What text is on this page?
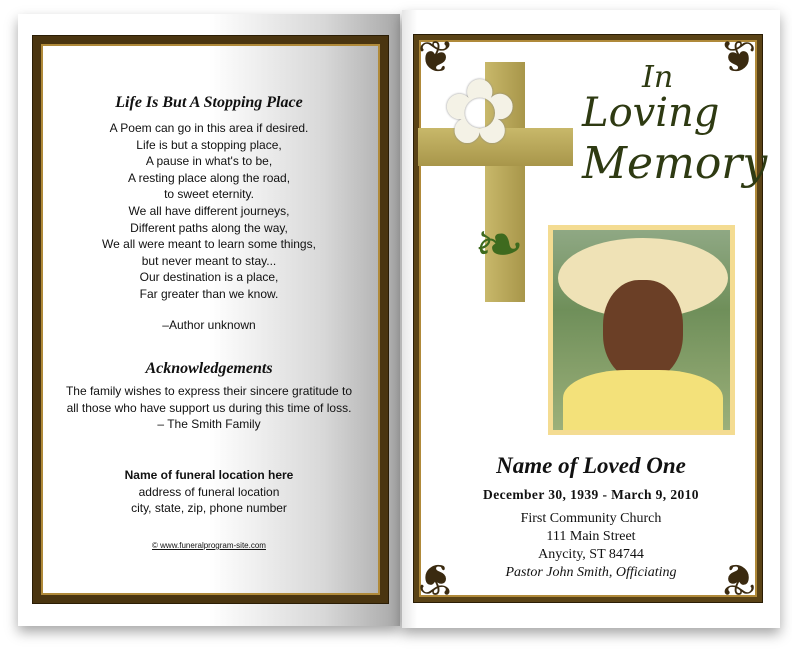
Life Is But A Stopping Place
A Poem can go in this area if desired.
Life is but a stopping place,
A pause in what's to be,
A resting place along the road,
to sweet eternity.
We all have different journeys,
Different paths along the way,
We all were meant to learn some things,
but never meant to stay...
Our destination is a place,
Far greater than we know.
–Author unknown
Acknowledgements
The family wishes to express their sincere gratitude to
all those who have support us during this time of loss.
– The Smith Family
Name of funeral location here
address of funeral location
city, state, zip, phone number
© www.funeralprogram-site.com
❦	❦
❦	❦
✿
❧
In
Loving
Memory
Name of Loved One
December 30, 1939 - March 9, 2010
First Community Church
111 Main Street
Anycity, ST 84744
Pastor John Smith, Officiating
